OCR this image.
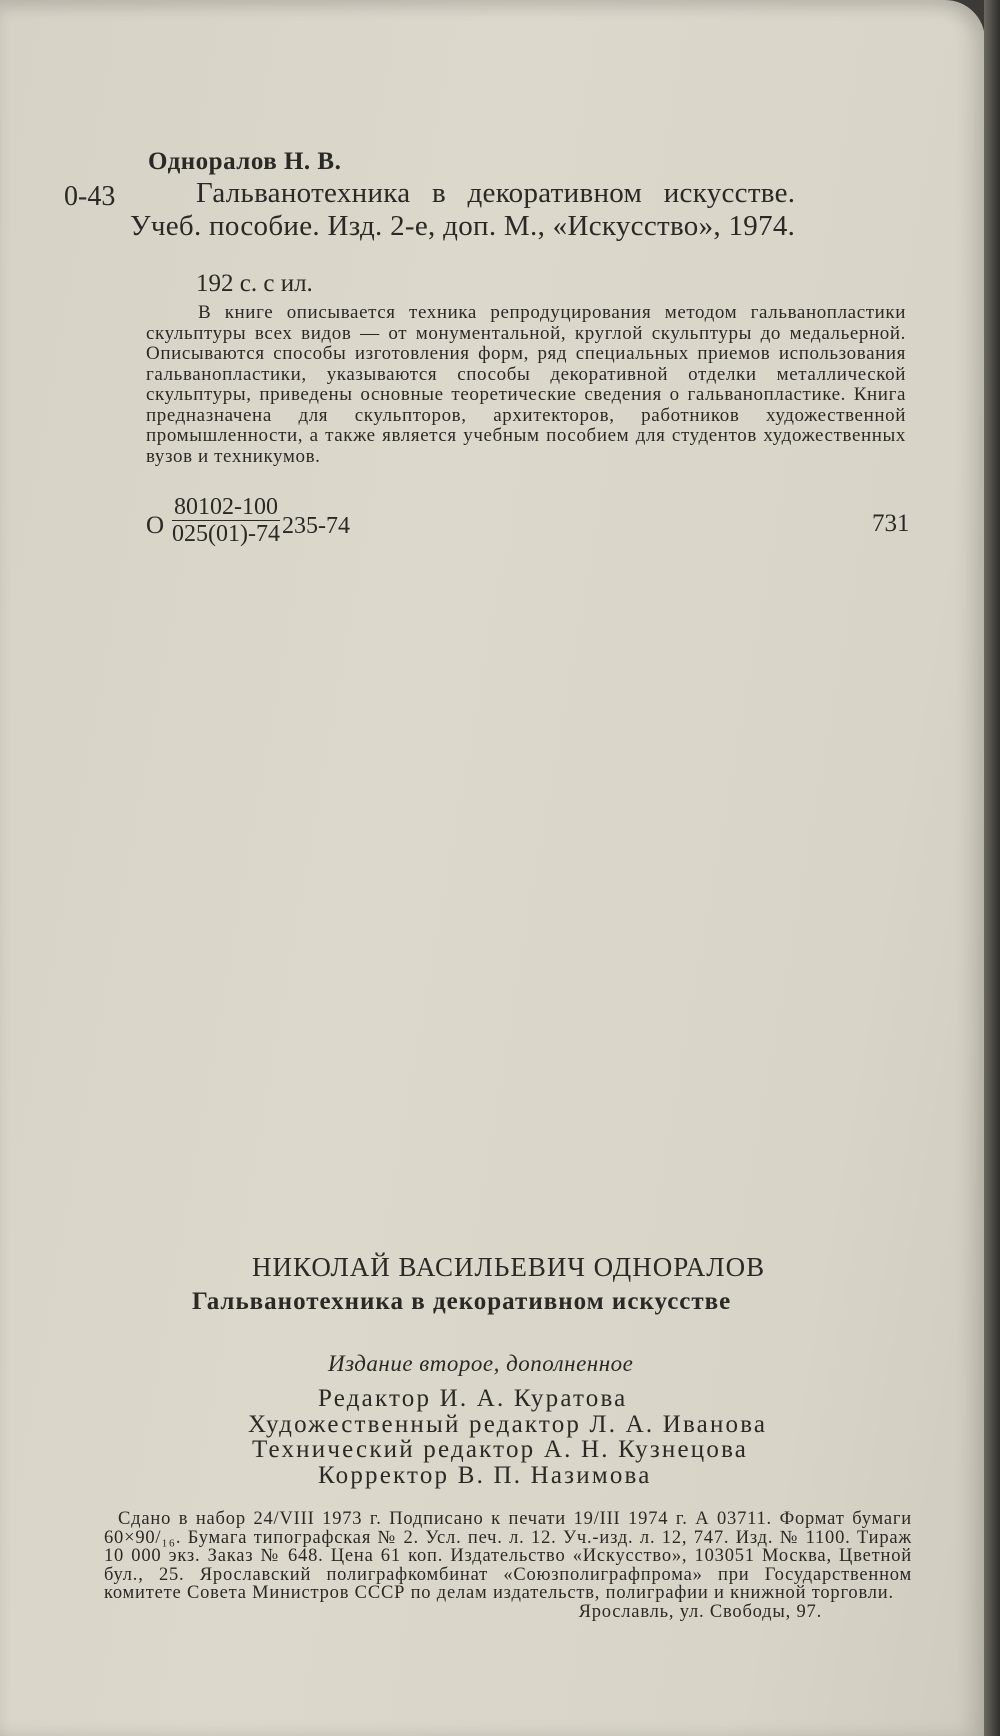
Одноралов Н. В.
0-43	Гальванотехника в декоративном искусстве.
Учеб. пособие. Изд. 2-е, доп. М., «Искусство», 1974.
192 с. с ил.
В книге описывается техника репродуцирования методом гальванопластики скульптуры всех видов — от монументальной, круглой скульптуры до медальерной. Описываются способы изготовления форм, ряд специальных приемов использования гальванопластики, указываются способы декоративной отделки металлической скульптуры, приведены основные теоретические сведения о гальванопластике. Книга предназначена для скульпторов, архитекторов, работников художественной промышленности, а также является учебным пособием для студентов художественных вузов и техникумов.
О $\frac{80102-100}{025(01)-74} 235-74$	731
НИКОЛАЙ ВАСИЛЬЕВИЧ ОДНОРАЛОВ
Гальванотехника в декоративном искусстве
Издание второе, дополненное
Редактор И. А. Куратова
Художественный редактор Л. А. Иванова
Технический редактор А. Н. Кузнецова
Корректор В. П. Назимова
Сдано в набор 24/VIII 1973 г. Подписано к печати 19/III 1974 г. А 03711. Формат бумаги 60×90/₁₆. Бумага типографская № 2. Усл. печ. л. 12. Уч.-изд. л. 12, 747. Изд. № 1100. Тираж 10 000 экз. Заказ № 648. Цена 61 коп. Издательство «Искусство», 103051 Москва, Цветной бул., 25. Ярославский полиграфкомбинат «Союзполиграфпрома» при Государственном комитете Совета Министров СССР по делам издательств, полиграфии и книжной торговли.
Ярославль, ул. Свободы, 97.
